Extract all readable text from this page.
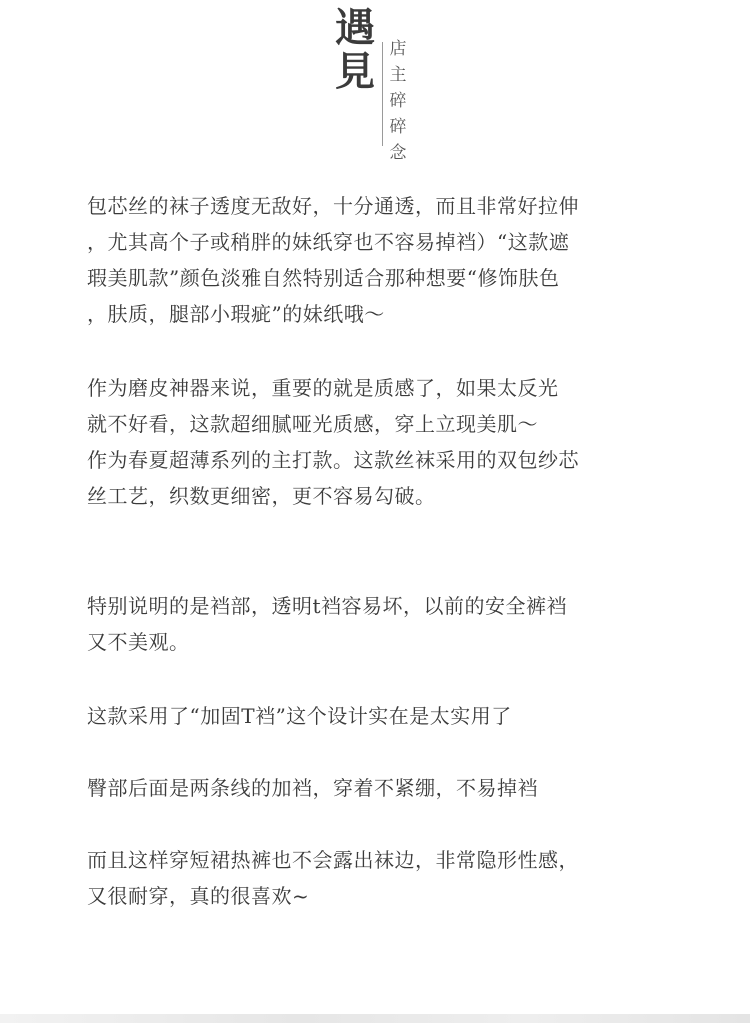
遇
見 店
主
碎
碎
念
包芯丝的袜子透度无敌好，十分通透，而且非常好拉伸
，尤其高个子或稍胖的妹纸穿也不容易掉裆）“这款遮
瑕美肌款”颜色淡雅自然特别适合那种想要“修饰肤色
，肤质，腿部小瑕疵”的妹纸哦～
作为磨皮神器来说，重要的就是质感了，如果太反光
就不好看，这款超细腻哑光质感，穿上立现美肌～
作为春夏超薄系列的主打款。这款丝袜采用的双包纱芯
丝工艺，织数更细密，更不容易勾破。
特别说明的是裆部，透明t裆容易坏，以前的安全裤裆
又不美观。
这款采用了“加固T裆”这个设计实在是太实用了
臀部后面是两条线的加裆，穿着不紧绷，不易掉裆
而且这样穿短裙热裤也不会露出袜边，非常隐形性感，
又很耐穿，真的很喜欢~
